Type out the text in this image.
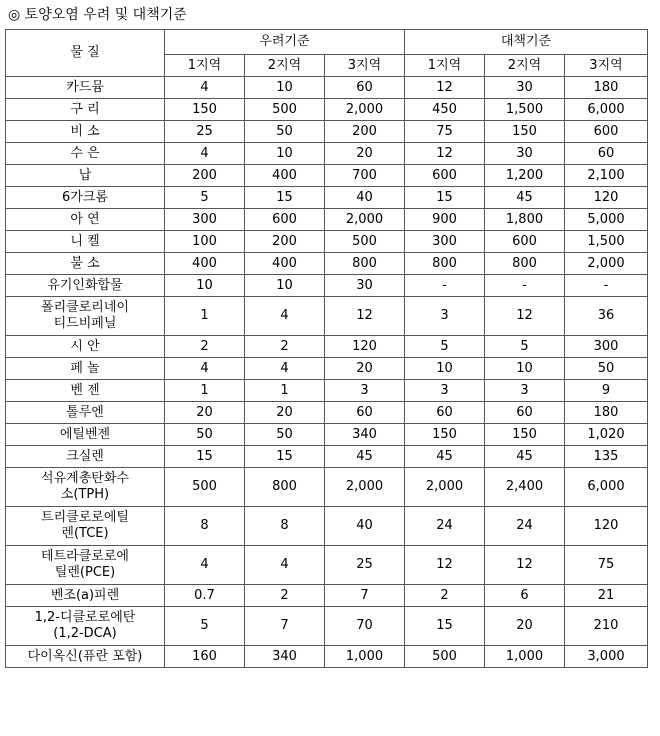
◎ 토양오염 우려 및 대책기준
물 질	우려기준			대책기준		
	1지역	2지역	3지역	1지역	2지역	3지역

카드뮴	4	10	60	12	30	180

구 리	150	500	2,000	450	1,500	6,000

비 소	25	50	200	75	150	600

수 은	4	10	20	12	30	60

납	200	400	700	600	1,200	2,100

6가크롬	5	15	40	15	45	120

아 연	300	600	2,000	900	1,800	5,000

니 켈	100	200	500	300	600	1,500

불 소	400	400	800	800	800	2,000

유기인화합물	10	10	30	-	-	-

폴리클로리네이
티드비페닐	1	4	12	3	12	36

시 안	2	2	120	5	5	300

페 놀	4	4	20	10	10	50

벤 젠	1	1	3	3	3	9

톨루엔	20	20	60	60	60	180

에틸벤젠	50	50	340	150	150	1,020

크실렌	15	15	45	45	45	135

석유계총탄화수
소(TPH)	500	800	2,000	2,000	2,400	6,000

트리클로로에틸
렌(TCE)	8	8	40	24	24	120

테트라클로로에
틸렌(PCE)	4	4	25	12	12	75

벤조(a)피렌	0.7	2	7	2	6	21

1,2-디클로로에탄
(1,2-DCA)	5	7	70	15	20	210

다이옥신(퓨란 포함)	160	340	1,000	500	1,000	3,000
